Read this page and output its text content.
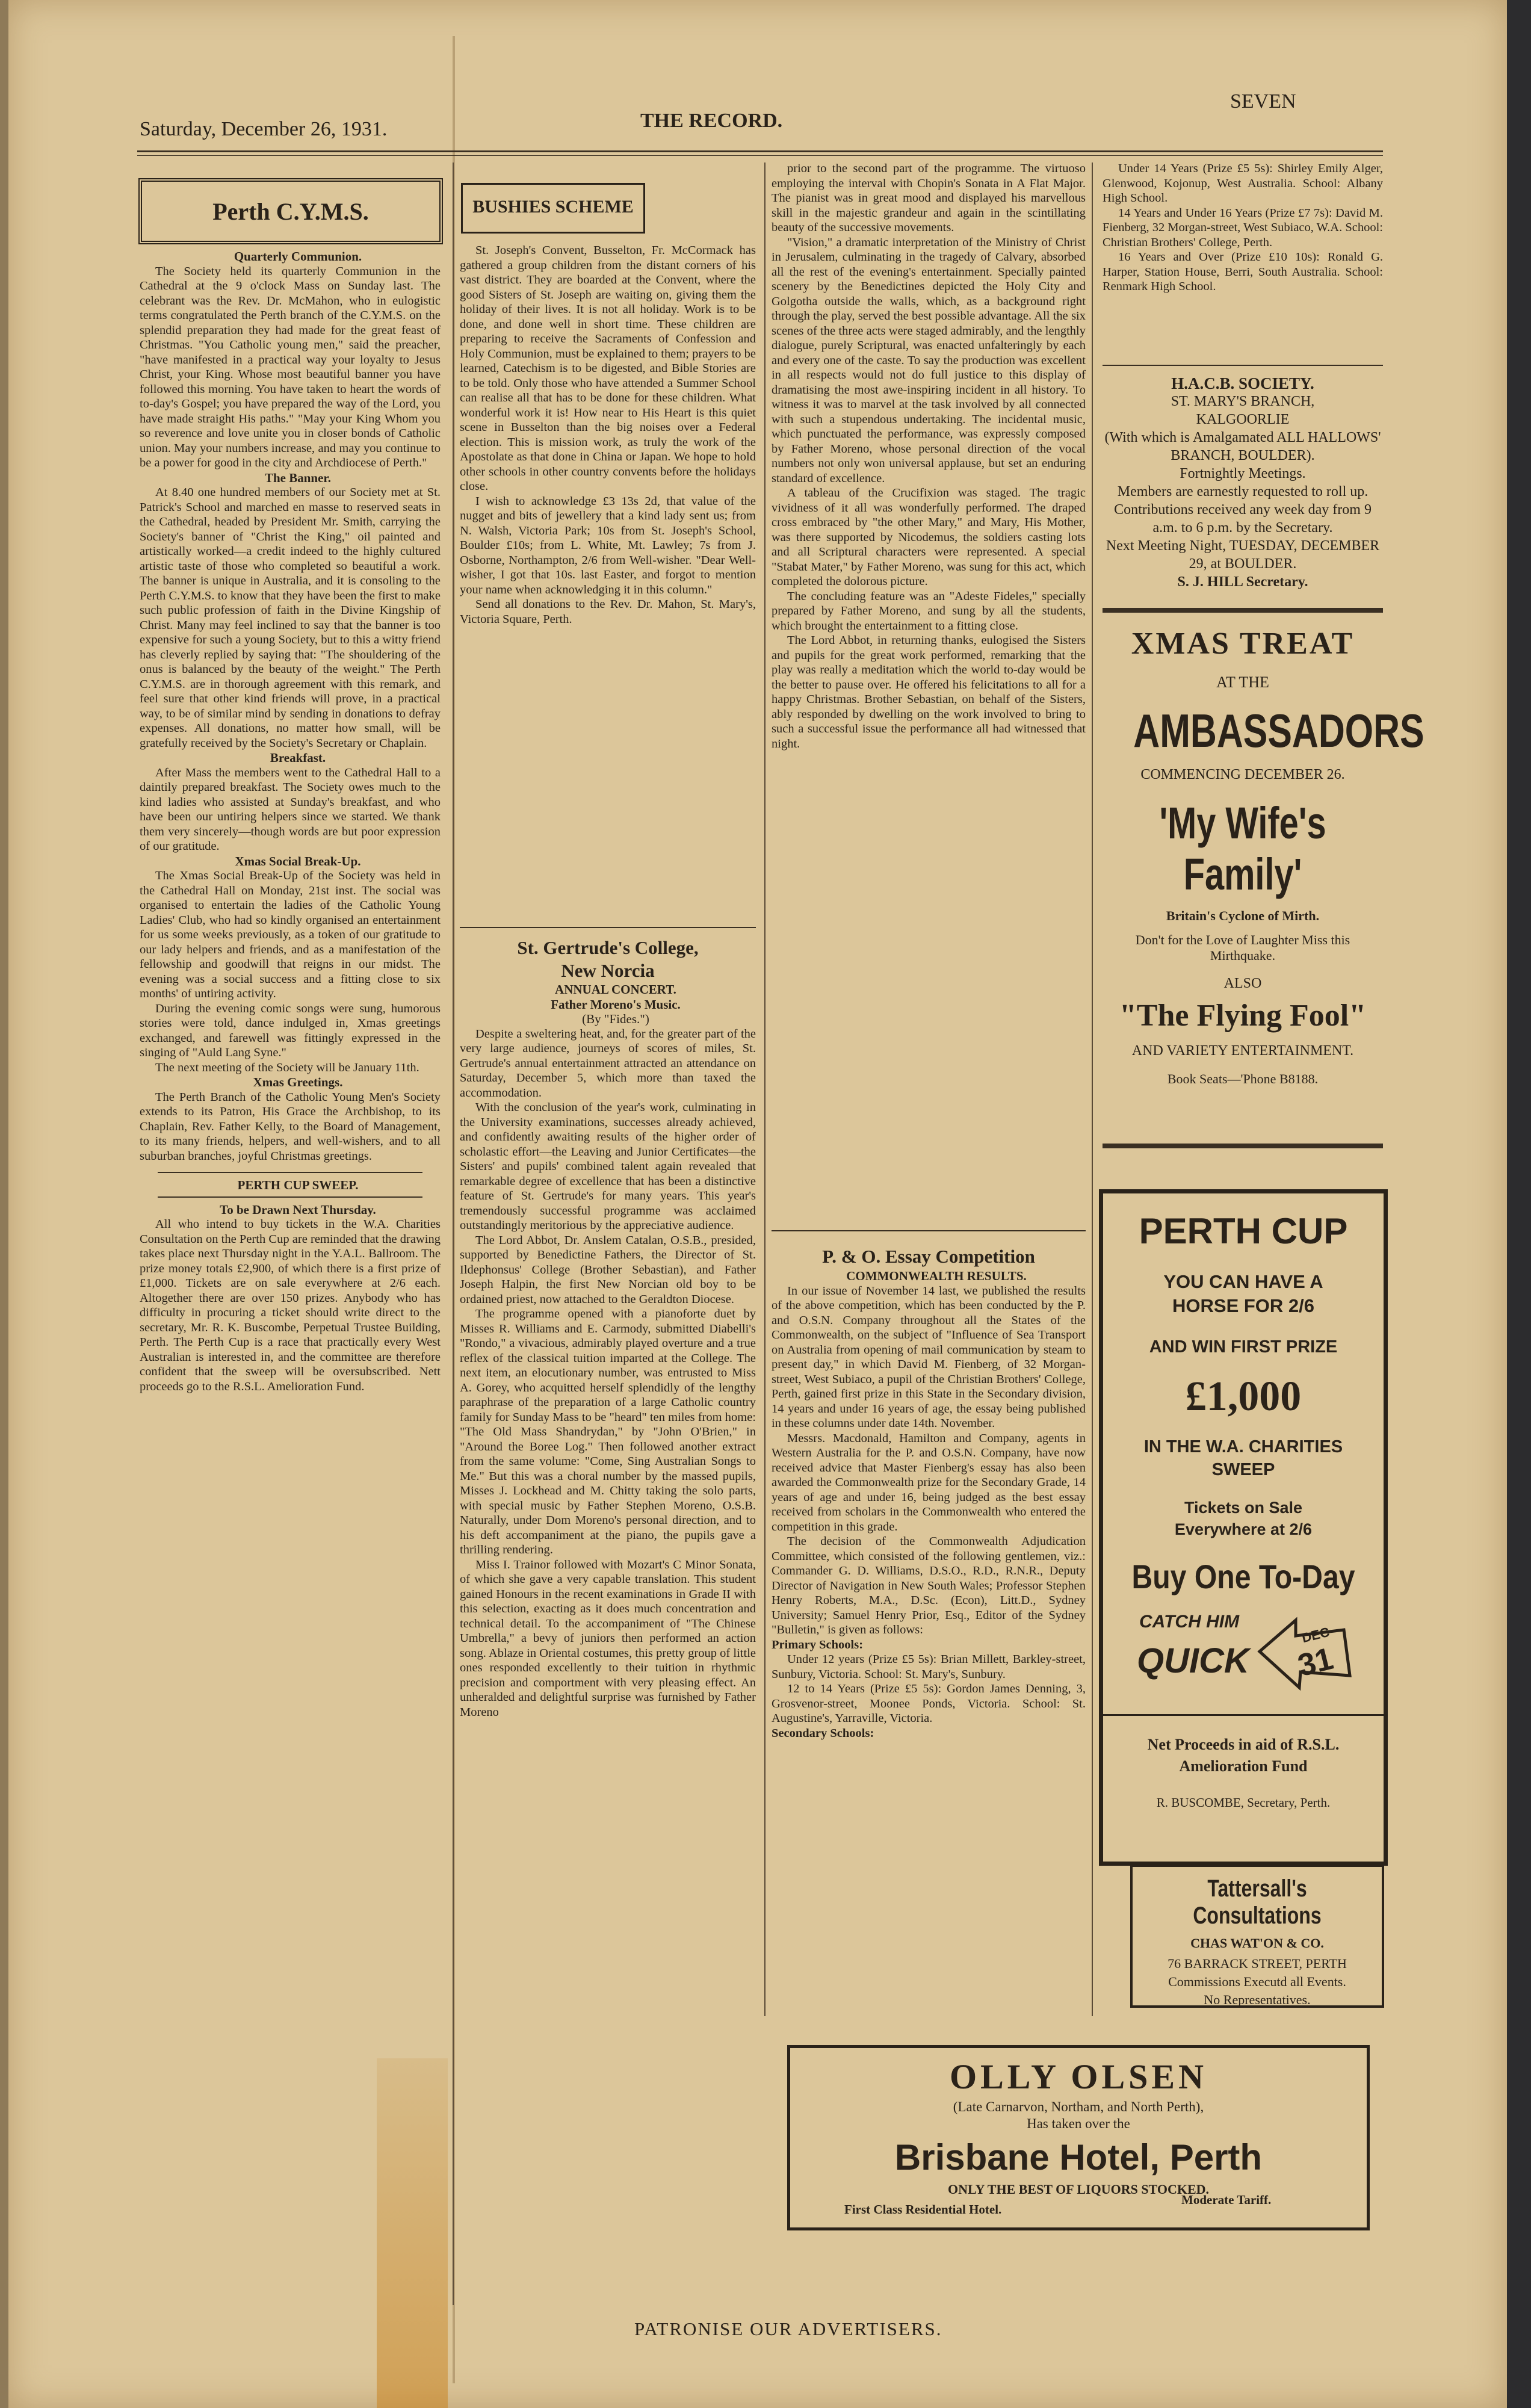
Saturday, December 26, 1931.	THE RECORD.
SEVEN
Perth C.Y.M.S.

Quarterly Communion.

The Society held its quarterly Communion in the Cathedral at the 9 o'clock Mass on Sunday last. The celebrant was the Rev. Dr. McMahon, who in eulogistic terms congratulated the Perth branch of the C.Y.M.S. on the splendid preparation they had made for the great feast of Christmas. "You Catholic young men," said the preacher, "have manifested in a practical way your loyalty to Jesus Christ, your King. Whose most beautiful banner you have followed this morning. You have taken to heart the words of to-day's Gospel; you have prepared the way of the Lord, you have made straight His paths." "May your King Whom you so reverence and love unite you in closer bonds of Catholic union. May your numbers increase, and may you continue to be a power for good in the city and Archdiocese of Perth."

The Banner.

At 8.40 one hundred members of our Society met at St. Patrick's School and marched en masse to reserved seats in the Cathedral, headed by President Mr. Smith, carrying the Society's banner of "Christ the King," oil painted and artistically worked—a credit indeed to the highly cultured artistic taste of those who completed so beautiful a work. The banner is unique in Australia, and it is consoling to the Perth C.Y.M.S. to know that they have been the first to make such public profession of faith in the Divine Kingship of Christ. Many may feel inclined to say that the banner is too expensive for such a young Society, but to this a witty friend has cleverly replied by saying that: "The shouldering of the onus is balanced by the beauty of the weight." The Perth C.Y.M.S. are in thorough agreement with this remark, and feel sure that other kind friends will prove, in a practical way, to be of similar mind by sending in donations to defray expenses. All donations, no matter how small, will be gratefully received by the Society's Secretary or Chaplain.

Breakfast.

After Mass the members went to the Cathedral Hall to a daintily prepared breakfast. The Society owes much to the kind ladies who assisted at Sunday's breakfast, and who have been our untiring helpers since we started. We thank them very sincerely—though words are but poor expression of our gratitude.

Xmas Social Break-Up.

The Xmas Social Break-Up of the Society was held in the Cathedral Hall on Monday, 21st inst. The social was organised to entertain the ladies of the Catholic Young Ladies' Club, who had so kindly organised an entertainment for us some weeks previously, as a token of our gratitude to our lady helpers and friends, and as a manifestation of the fellowship and goodwill that reigns in our midst. The evening was a social success and a fitting close to six months' of untiring activity.

During the evening comic songs were sung, humorous stories were told, dance indulged in, Xmas greetings exchanged, and farewell was fittingly expressed in the singing of "Auld Lang Syne."

The next meeting of the Society will be January 11th.

Xmas Greetings.

The Perth Branch of the Catholic Young Men's Society extends to its Patron, His Grace the Archbishop, to its Chaplain, Rev. Father Kelly, to the Board of Management, to its many friends, helpers, and well-wishers, and to all suburban branches, joyful Christmas greetings.

PERTH CUP SWEEP.

To be Drawn Next Thursday.

All who intend to buy tickets in the W.A. Charities Consultation on the Perth Cup are reminded that the drawing takes place next Thursday night in the Y.A.L. Ballroom. The prize money totals £2,900, of which there is a first prize of £1,000. Tickets are on sale everywhere at 2/6 each. Altogether there are over 150 prizes. Anybody who has difficulty in procuring a ticket should write direct to the secretary, Mr. R. K. Buscombe, Perpetual Trustee Building, Perth. The Perth Cup is a race that practically every West Australian is interested in, and the committee are therefore confident that the sweep will be oversubscribed. Nett proceeds go to the R.S.L. Amelioration Fund.

BUSHIES SCHEME

St. Joseph's Convent, Busselton, Fr. McCormack has gathered a group children from the distant corners of his vast district. They are boarded at the Convent, where the good Sisters of St. Joseph are waiting on, giving them the holiday of their lives. It is not all holiday. Work is to be done, and done well in short time. These children are preparing to receive the Sacraments of Confession and Holy Communion, must be explained to them; prayers to be learned, Catechism is to be digested, and Bible Stories are to be told. Only those who have attended a Summer School can realise all that has to be done for these children. What wonderful work it is! How near to His Heart is this quiet scene in Busselton than the big noises over a Federal election. This is mission work, as truly the work of the Apostolate as that done in China or Japan. We hope to hold other schools in other country convents before the holidays close.

I wish to acknowledge £3 13s 2d, that value of the nugget and bits of jewellery that a kind lady sent us; from N. Walsh, Victoria Park; 10s from St. Joseph's School, Boulder £10s; from L. White, Mt. Lawley; 7s from J. Osborne, Northampton, 2/6 from Well-wisher. "Dear Well-wisher, I got that 10s. last Easter, and forgot to mention your name when acknowledging it in this column."

Send all donations to the Rev. Dr. Mahon, St. Mary's, Victoria Square, Perth.

St. Gertrude's College,
New Norcia

ANNUAL CONCERT.

Father Moreno's Music.

(By "Fides.")

Despite a sweltering heat, and, for the greater part of the very large audience, journeys of scores of miles, St. Gertrude's annual entertainment attracted an attendance on Saturday, December 5, which more than taxed the accommodation.

With the conclusion of the year's work, culminating in the University examinations, successes already achieved, and confidently awaiting results of the higher order of scholastic effort—the Leaving and Junior Certificates—the Sisters' and pupils' combined talent again revealed that remarkable degree of excellence that has been a distinctive feature of St. Gertrude's for many years. This year's tremendously successful programme was acclaimed outstandingly meritorious by the appreciative audience.

The Lord Abbot, Dr. Anslem Catalan, O.S.B., presided, supported by Benedictine Fathers, the Director of St. Ildephonsus' College (Brother Sebastian), and Father Joseph Halpin, the first New Norcian old boy to be ordained priest, now attached to the Geraldton Diocese.

The programme opened with a pianoforte duet by Misses R. Williams and E. Carmody, submitted Diabelli's "Rondo," a vivacious, admirably played overture and a true reflex of the classical tuition imparted at the College. The next item, an elocutionary number, was entrusted to Miss A. Gorey, who acquitted herself splendidly of the lengthy paraphrase of the preparation of a large Catholic country family for Sunday Mass to be "heard" ten miles from home: "The Old Mass Shandrydan," by "John O'Brien," in "Around the Boree Log." Then followed another extract from the same volume: "Come, Sing Australian Songs to Me." But this was a choral number by the massed pupils, Misses J. Lockhead and M. Chitty taking the solo parts, with special music by Father Stephen Moreno, O.S.B. Naturally, under Dom Moreno's personal direction, and to his deft accompaniment at the piano, the pupils gave a thrilling rendering.

Miss I. Trainor followed with Mozart's C Minor Sonata, of which she gave a very capable translation. This student gained Honours in the recent examinations in Grade II with this selection, exacting as it does much concentration and technical detail. To the accompaniment of "The Chinese Umbrella," a bevy of juniors then performed an action song. Ablaze in Oriental costumes, this pretty group of little ones responded excellently to their tuition in rhythmic precision and comportment with very pleasing effect. An unheralded and delightful surprise was furnished by Father Moreno

prior to the second part of the programme. The virtuoso employing the interval with Chopin's Sonata in A Flat Major. The pianist was in great mood and displayed his marvellous skill in the majestic grandeur and again in the scintillating beauty of the successive movements.

"Vision," a dramatic interpretation of the Ministry of Christ in Jerusalem, culminating in the tragedy of Calvary, absorbed all the rest of the evening's entertainment. Specially painted scenery by the Benedictines depicted the Holy City and Golgotha outside the walls, which, as a background right through the play, served the best possible advantage. All the six scenes of the three acts were staged admirably, and the lengthly dialogue, purely Scriptural, was enacted unfalteringly by each and every one of the caste. To say the production was excellent in all respects would not do full justice to this display of dramatising the most awe-inspiring incident in all history. To witness it was to marvel at the task involved by all connected with such a stupendous undertaking. The incidental music, which punctuated the performance, was expressly composed by Father Moreno, whose personal direction of the vocal numbers not only won universal applause, but set an enduring standard of excellence.

A tableau of the Crucifixion was staged. The tragic vividness of it all was wonderfully performed. The draped cross embraced by "the other Mary," and Mary, His Mother, was there supported by Nicodemus, the soldiers casting lots and all Scriptural characters were represented. A special "Stabat Mater," by Father Moreno, was sung for this act, which completed the dolorous picture.

The concluding feature was an "Adeste Fideles," specially prepared by Father Moreno, and sung by all the students, which brought the entertainment to a fitting close.

The Lord Abbot, in returning thanks, eulogised the Sisters and pupils for the great work performed, remarking that the play was really a meditation which the world to-day would be the better to pause over. He offered his felicitations to all for a happy Christmas. Brother Sebastian, on behalf of the Sisters, ably responded by dwelling on the work involved to bring to such a successful issue the performance all had witnessed that night.

P. & O. Essay Competition

COMMONWEALTH RESULTS.

In our issue of November 14 last, we published the results of the above competition, which has been conducted by the P. and O.S.N. Company throughout all the States of the Commonwealth, on the subject of "Influence of Sea Transport on Australia from opening of mail communication by steam to present day," in which David M. Fienberg, of 32 Morgan-street, West Subiaco, a pupil of the Christian Brothers' College, Perth, gained first prize in this State in the Secondary division, 14 years and under 16 years of age, the essay being published in these columns under date 14th. November.

Messrs. Macdonald, Hamilton and Company, agents in Western Australia for the P. and O.S.N. Company, have now received advice that Master Fienberg's essay has also been awarded the Commonwealth prize for the Secondary Grade, 14 years of age and under 16, being judged as the best essay received from scholars in the Commonwealth who entered the competition in this grade.

The decision of the Commonwealth Adjudication Committee, which consisted of the following gentlemen, viz.: Commander G. D. Williams, D.S.O., R.D., R.N.R., Deputy Director of Navigation in New South Wales; Professor Stephen Henry Roberts, M.A., D.Sc. (Econ), Litt.D., Sydney University; Samuel Henry Prior, Esq., Editor of the Sydney "Bulletin," is given as follows:

Primary Schools:

Under 12 years (Prize £5 5s): Brian Millett, Barkley-street, Sunbury, Victoria. School: St. Mary's, Sunbury.

12 to 14 Years (Prize £5 5s): Gordon James Denning, 3, Grosvenor-street, Moonee Ponds, Victoria. School: St. Augustine's, Yarraville, Victoria.

Secondary Schools:

Under 14 Years (Prize £5 5s): Shirley Emily Alger, Glenwood, Kojonup, West Australia. School: Albany High School.

14 Years and Under 16 Years (Prize £7 7s): David M. Fienberg, 32 Morgan-street, West Subiaco, W.A. School: Christian Brothers' College, Perth.

16 Years and Over (Prize £10 10s): Ronald G. Harper, Station House, Berri, South Australia. School: Renmark High School.

H.A.C.B. SOCIETY.
ST. MARY'S BRANCH,
KALGOORLIE
(With which is Amalgamated ALL HALLOWS' BRANCH, BOULDER).
Fortnightly Meetings.
Members are earnestly requested to roll up.
Contributions received any week day from 9 a.m. to 6 p.m. by the Secretary.
Next Meeting Night, TUESDAY, DECEMBER 29, at BOULDER.
S. J. HILL Secretary.
XMAS TREAT
AT THE
AMBASSADORS
COMMENCING DECEMBER 26.
'My Wife's Family'
Britain's Cyclone of Mirth.
Don't for the Love of Laughter Miss this Mirthquake.
ALSO
"The Flying Fool"
AND VARIETY ENTERTAINMENT.
Book Seats—'Phone B8188.
PERTH CUP
YOU CAN HAVE A HORSE FOR 2/6
AND WIN FIRST PRIZE
£1,000
IN THE W.A. CHARITIES SWEEP
Tickets on Sale Everywhere at 2/6
Buy One To-Day
CATCH HIM
QUICK
DEC
31
Net Proceeds in aid of R.S.L. Amelioration Fund
R. BUSCOMBE, Secretary, Perth.
Tattersall's Consultations
CHAS WAT'ON & CO.
76 BARRACK STREET, PERTH
Commissions Executd all Events.
No Representatives.
OLLY OLSEN
(Late Carnarvon, Northam, and North Perth),
Has taken over the
Brisbane Hotel, Perth
ONLY THE BEST OF LIQUORS STOCKED.
First Class Residential Hotel.
Moderate Tariff.
PATRONISE OUR ADVERTISERS.
